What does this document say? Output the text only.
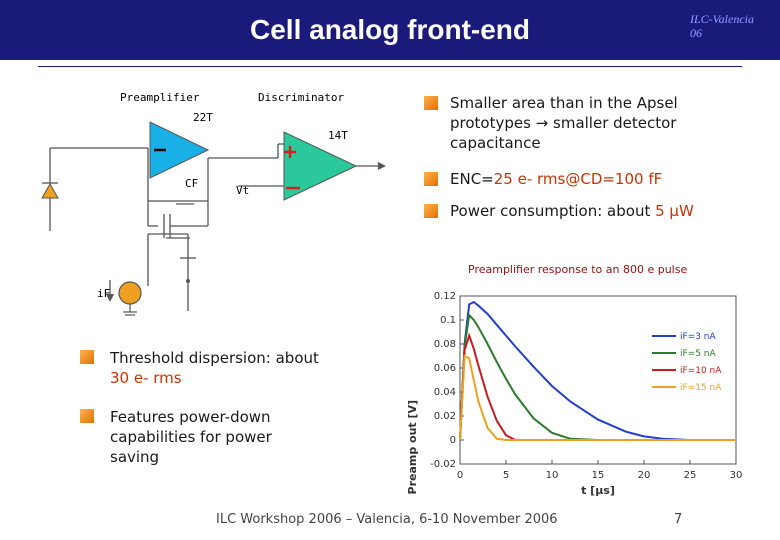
Cell analog front-end	ILC-Valencia
06
Preamplifier	Discriminator
22T
14T
CF
Vt
iF
Smaller area than in the Apsel prototypes → smaller detector capacitance
ENC=25 e- rms@CD=100 fF
Power consumption: about 5 μW
Threshold dispersion: about
30 e- rms
Features power-down capabilities for power saving
Preamplifier response to an 800 e pulse
0	5	10	15	20	25	30
-0.02
0
0.02
0.04
0.06
0.08
0.1
0.12
t [μs]
Preamp out [V]
iF=3 nA
iF=5 nA
iF=10 nA
iF=15 nA
ILC Workshop 2006 – Valencia, 6-10 November 2006	7
